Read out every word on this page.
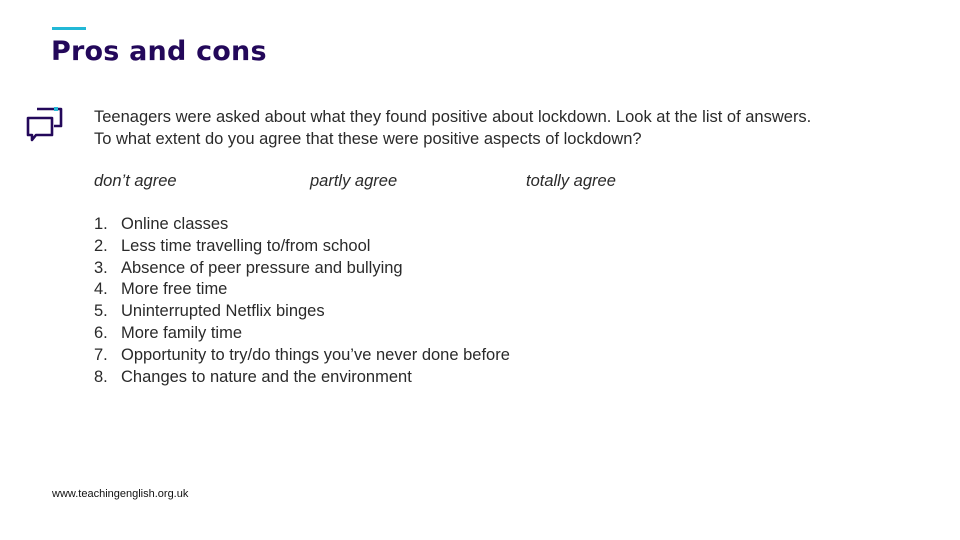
Pros and cons

Teenagers were asked about what they found positive about lockdown. Look at the list of answers.

To what extent do you agree that these were positive aspects of lockdown?

don’t agree	partly agree	totally agree
1. Online classes
2. Less time travelling to/from school
3. Absence of peer pressure and bullying
4. More free time
5. Uninterrupted Netflix binges
6. More family time
7. Opportunity to try/do things you’ve never done before
8. Changes to nature and the environment
www.teachingenglish.org.uk
